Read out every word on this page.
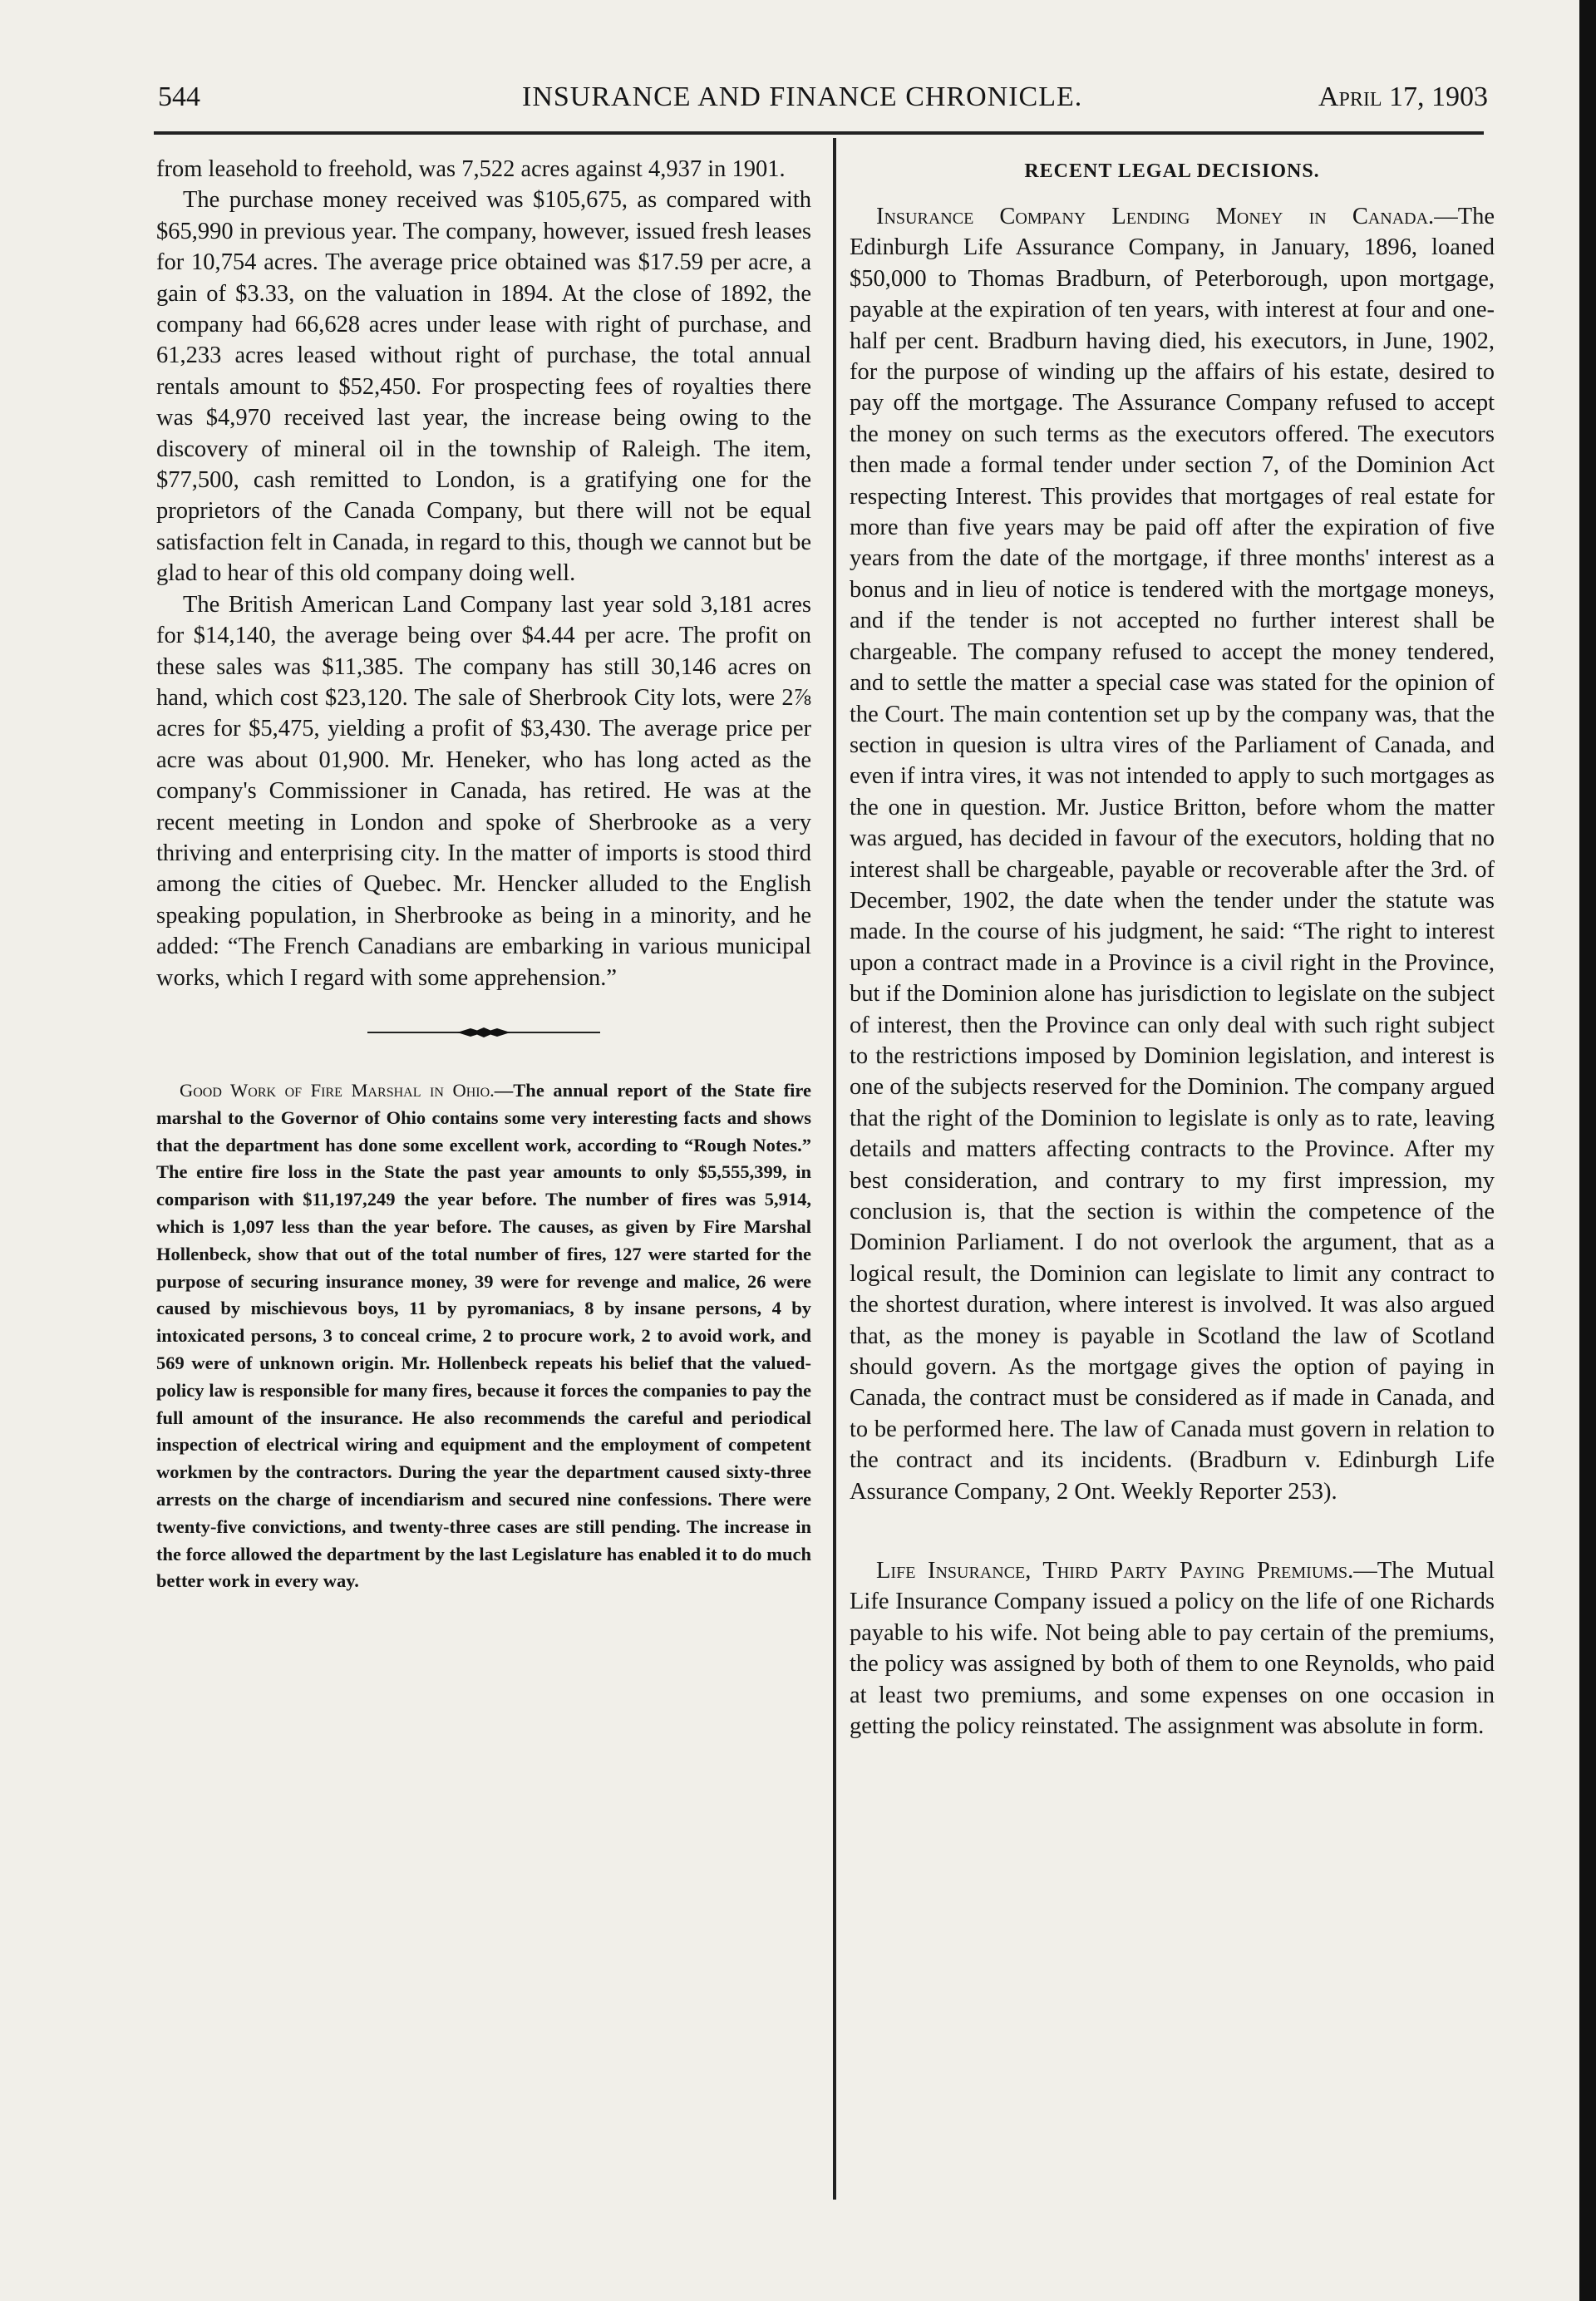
544	INSURANCE AND FINANCE CHRONICLE.	April 17, 1903

from leasehold to freehold, was 7,522 acres against 4,937 in 1901.

The purchase money received was $105,675, as compared with $65,990 in previous year. The company, however, issued fresh leases for 10,754 acres. The average price obtained was $17.59 per acre, a gain of $3.33, on the valuation in 1894. At the close of 1892, the company had 66,628 acres under lease with right of purchase, and 61,233 acres leased without right of purchase, the total annual rentals amount to $52,450. For prospecting fees of royalties there was $4,970 received last year, the increase being owing to the discovery of mineral oil in the township of Raleigh. The item, $77,500, cash remitted to London, is a gratifying one for the proprietors of the Canada Company, but there will not be equal satisfaction felt in Canada, in regard to this, though we cannot but be glad to hear of this old company doing well.

The British American Land Company last year sold 3,181 acres for $14,140, the average being over $4.44 per acre. The profit on these sales was $11,385. The company has still 30,146 acres on hand, which cost $23,120. The sale of Sherbrook City lots, were 2⅞ acres for $5,475, yielding a profit of $3,430. The average price per acre was about 01,900. Mr. Heneker, who has long acted as the company's Commissioner in Canada, has retired. He was at the recent meeting in London and spoke of Sherbrooke as a very thriving and enterprising city. In the matter of imports is stood third among the cities of Quebec. Mr. Hencker alluded to the English speaking population, in Sherbrooke as being in a minority, and he added: “The French Canadians are embarking in various municipal works, which I regard with some apprehension.”

Good Work of Fire Marshal in Ohio.—The annual report of the State fire marshal to the Governor of Ohio contains some very interesting facts and shows that the department has done some excellent work, according to “Rough Notes.” The entire fire loss in the State the past year amounts to only $5,555,399, in comparison with $11,197,249 the year before. The number of fires was 5,914, which is 1,097 less than the year before. The causes, as given by Fire Marshal Hollenbeck, show that out of the total number of fires, 127 were started for the purpose of securing insurance money, 39 were for revenge and malice, 26 were caused by mischievous boys, 11 by pyromaniacs, 8 by insane persons, 4 by intoxicated persons, 3 to conceal crime, 2 to procure work, 2 to avoid work, and 569 were of unknown origin. Mr. Hollenbeck repeats his belief that the valued-policy law is responsible for many fires, because it forces the companies to pay the full amount of the insurance. He also recommends the careful and periodical inspection of electrical wiring and equipment and the employment of competent workmen by the contractors. During the year the department caused sixty-three arrests on the charge of incendiarism and secured nine confessions. There were twenty-five convictions, and twenty-three cases are still pending. The increase in the force allowed the department by the last Legislature has enabled it to do much better work in every way.

RECENT LEGAL DECISIONS.

Insurance Company Lending Money in Canada.—The Edinburgh Life Assurance Company, in January, 1896, loaned $50,000 to Thomas Bradburn, of Peterborough, upon mortgage, payable at the expiration of ten years, with interest at four and one-half per cent. Bradburn having died, his executors, in June, 1902, for the purpose of winding up the affairs of his estate, desired to pay off the mortgage. The Assurance Company refused to accept the money on such terms as the executors offered. The executors then made a formal tender under section 7, of the Dominion Act respecting Interest. This provides that mortgages of real estate for more than five years may be paid off after the expiration of five years from the date of the mortgage, if three months' interest as a bonus and in lieu of notice is tendered with the mortgage moneys, and if the tender is not accepted no further interest shall be chargeable. The company refused to accept the money tendered, and to settle the matter a special case was stated for the opinion of the Court. The main contention set up by the company was, that the section in quesion is ultra vires of the Parliament of Canada, and even if intra vires, it was not intended to apply to such mortgages as the one in question. Mr. Justice Britton, before whom the matter was argued, has decided in favour of the executors, holding that no interest shall be chargeable, payable or recoverable after the 3rd. of December, 1902, the date when the tender under the statute was made. In the course of his judgment, he said: “The right to interest upon a contract made in a Province is a civil right in the Province, but if the Dominion alone has jurisdiction to legislate on the subject of interest, then the Province can only deal with such right subject to the restrictions imposed by Dominion legislation, and interest is one of the subjects reserved for the Dominion. The company argued that the right of the Dominion to legislate is only as to rate, leaving details and matters affecting contracts to the Province. After my best consideration, and contrary to my first impression, my conclusion is, that the section is within the competence of the Dominion Parliament. I do not overlook the argument, that as a logical result, the Dominion can legislate to limit any contract to the shortest duration, where interest is involved. It was also argued that, as the money is payable in Scotland the law of Scotland should govern. As the mortgage gives the option of paying in Canada, the contract must be considered as if made in Canada, and to be performed here. The law of Canada must govern in relation to the contract and its incidents. (Bradburn v. Edinburgh Life Assurance Company, 2 Ont. Weekly Reporter 253).

Life Insurance, Third Party Paying Premiums.—The Mutual Life Insurance Company issued a policy on the life of one Richards payable to his wife. Not being able to pay certain of the premiums, the policy was assigned by both of them to one Reynolds, who paid at least two premiums, and some expenses on one occasion in getting the policy reinstated. The assignment was absolute in form.
